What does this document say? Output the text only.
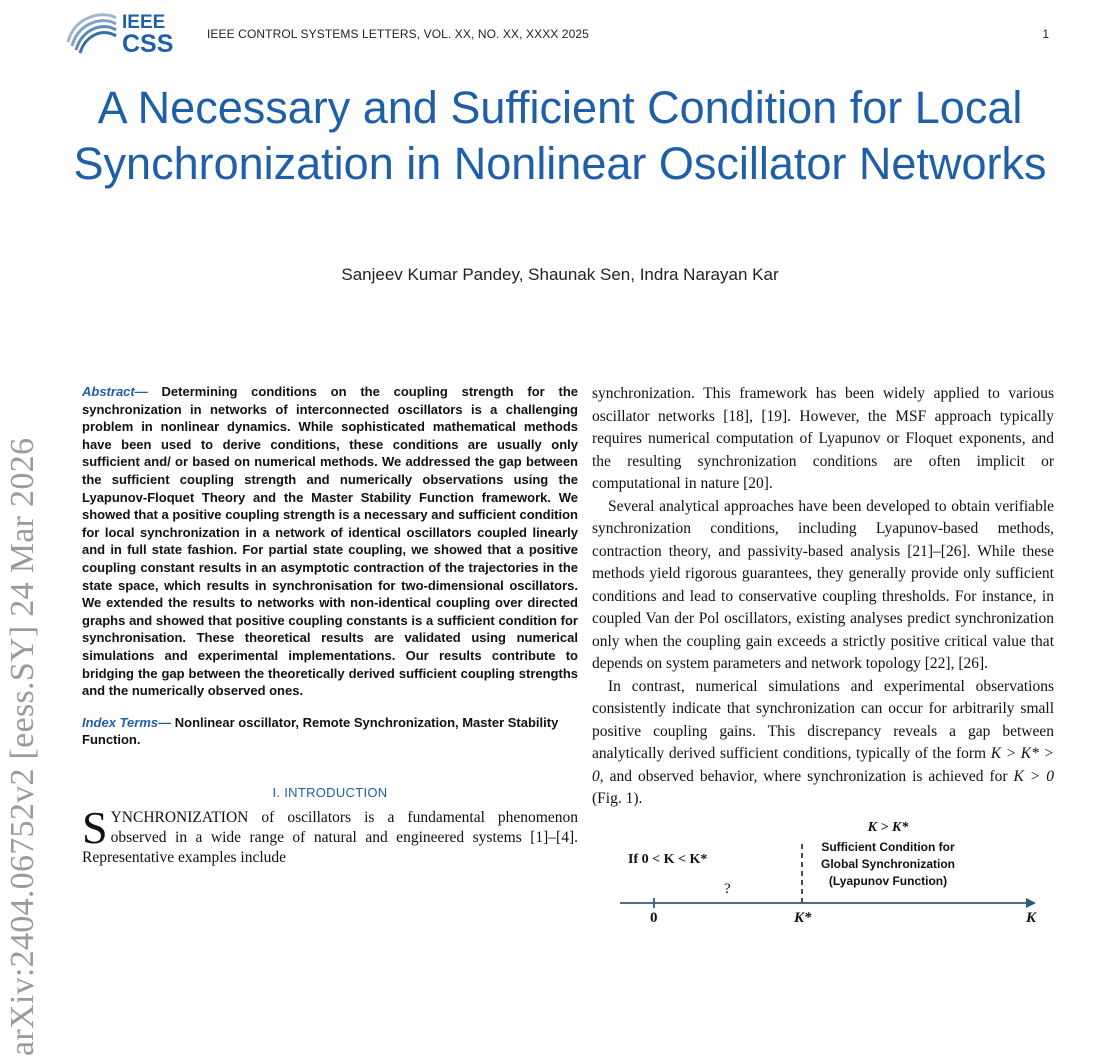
IEEE
CSS	IEEE CONTROL SYSTEMS LETTERS, VOL. XX, NO. XX, XXXX 2025	1
A Necessary and Sufficient Condition for Local Synchronization in Nonlinear Oscillator Networks
Sanjeev Kumar Pandey, Shaunak Sen, Indra Narayan Kar
arXiv:2404.06752v2 [eess.SY] 24 Mar 2026

Abstract— Determining conditions on the coupling strength for the synchronization in networks of interconnected oscillators is a challenging problem in nonlinear dynamics. While sophisticated mathematical methods have been used to derive conditions, these conditions are usually only sufficient and/ or based on numerical methods. We addressed the gap between the sufficient coupling strength and numerically observations using the Lyapunov-Floquet Theory and the Master Stability Function framework. We showed that a positive coupling strength is a necessary and sufficient condition for local synchronization in a network of identical oscillators coupled linearly and in full state fashion. For partial state coupling, we showed that a positive coupling constant results in an asymptotic contraction of the trajectories in the state space, which results in synchronisation for two-dimensional oscillators. We extended the results to networks with non-identical coupling over directed graphs and showed that positive coupling constants is a sufficient condition for synchronisation. These theoretical results are validated using numerical simulations and experimental implementations. Our results contribute to bridging the gap between the theoretically derived sufficient coupling strengths and the numerically observed ones.

Index Terms— Nonlinear oscillator, Remote Synchronization, Master Stability Function.

I. INTRODUCTION

SYNCHRONIZATION of oscillators is a fundamental phenomenon observed in a wide range of natural and engineered systems [1]–[4]. Representative examples include

synchronization. This framework has been widely applied to various oscillator networks [18], [19]. However, the MSF approach typically requires numerical computation of Lyapunov or Floquet exponents, and the resulting synchronization conditions are often implicit or computational in nature [20].

Several analytical approaches have been developed to obtain verifiable synchronization conditions, including Lyapunov-based methods, contraction theory, and passivity-based analysis [21]–[26]. While these methods yield rigorous guarantees, they generally provide only sufficient conditions and lead to conservative coupling thresholds. For instance, in coupled Van der Pol oscillators, existing analyses predict synchronization only when the coupling gain exceeds a strictly positive critical value that depends on system parameters and network topology [22], [26].

In contrast, numerical simulations and experimental observations consistently indicate that synchronization can occur for arbitrarily small positive coupling gains. This discrepancy reveals a gap between analytically derived sufficient conditions, typically of the form K > K* > 0, and observed behavior, where synchronization is achieved for K > 0 (Fig. 1).

If 0 < K < K*
?
K > K*
Sufficient Condition for
Global Synchronization
(Lyapunov Function)
0	K*	K
